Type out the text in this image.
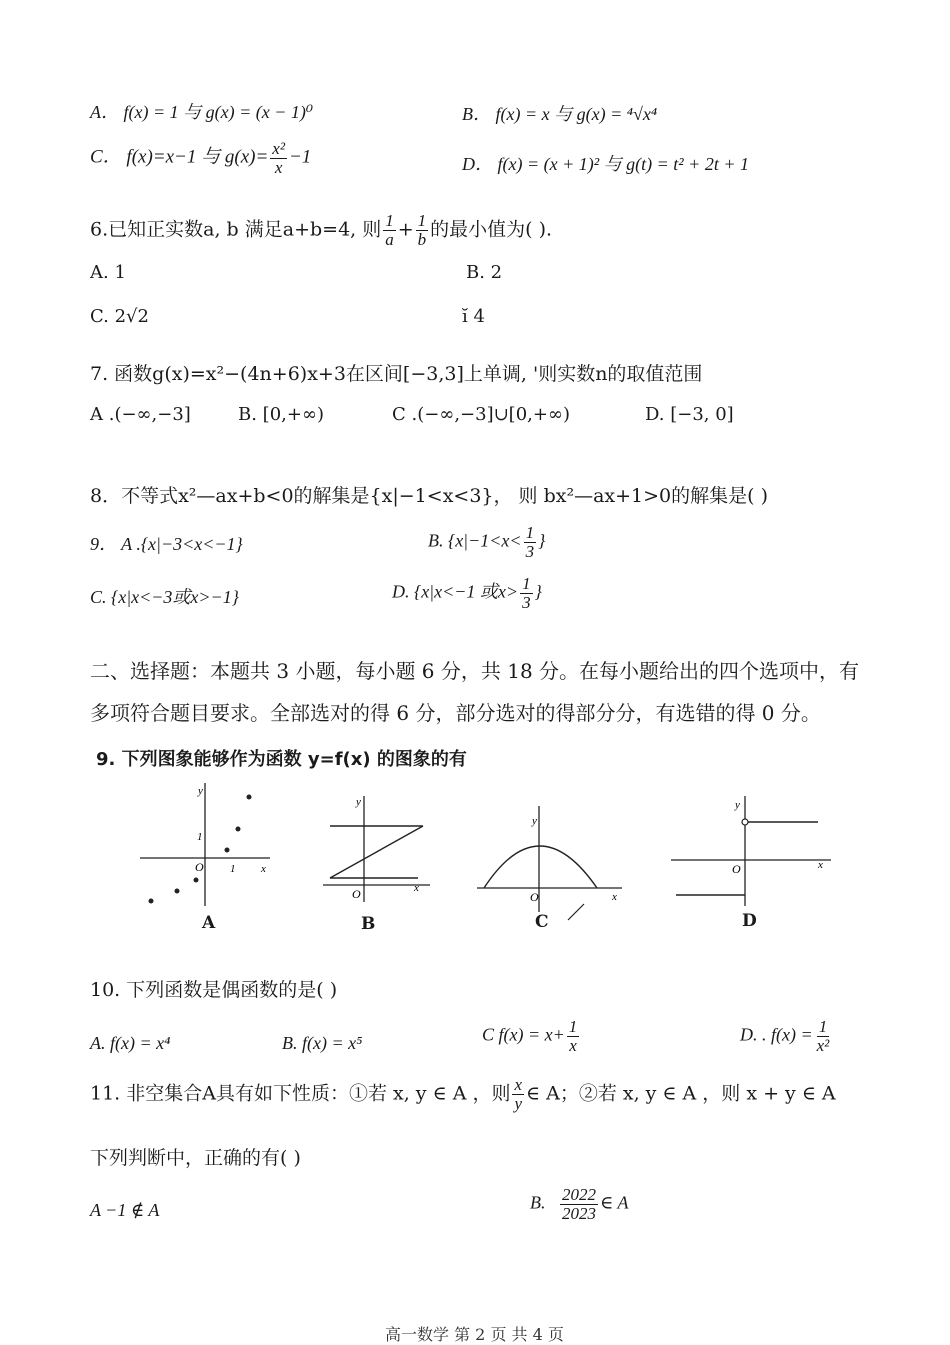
A． f(x) = 1 与 g(x) = (x − 1)⁰	B． f(x) = x 与 g(x) = ⁴√x⁴
C． f(x)=x−1 与 $g(x)= \frac{\text{x²}}{x} -1$	D． f(x) = (x + 1)² 与 g(t) = t² + 2t + 1
6.已知正实数a, b 满足a+b=4, 则 $\frac{1}{a} + \frac{1}{b}$ 的最小值为( ).
A. 1	B. 2
C. 2√2	ĭ 4
7. 函数g(x)=x²−(4n+6)x+3在区间[−3,3]上单调, '则实数n的取值范围
A .(−∞,−3]	B. [0,+∞)	C .(−∞,−3]∪[0,+∞)	D. [−3, 0]
8．不等式x²—ax+b<0的解集是{x|−1<x<3}， 则 bx²—ax+1>0的解集是( )
9． A .{x|−3<x<−1}	B. {$x|-1<x< \frac{1}{3}$ }
C. {x|x<−3或x>−1}	D. {x|x<−1 或$x> \frac{1}{3}$ }
二、选择题：本题共 3 小题，每小题 6 分，共 18 分。在每小题给出的四个选项中，有
多项符合题目要求。全部选对的得 6 分，部分选对的得部分分，有选错的得 0 分。
9. 下列图象能够作为函数 y=f(x) 的图象的有
x
y
O
1
1
A
x
y
O
B
x
y
O
C
x
y
O
D
10. 下列函数是偶函数的是( )
A. f(x) = x⁴	B. f(x) = x⁵	C $f(x) = x+ \frac{1}{x}$	D. . $f(x) = \frac{1}{\text{x²}}$
11. 非空集合A具有如下性质：①若 x, y ∈ A ，则 $\frac{x}{y}$ ∈ A；②若 x, y ∈ A ，则 x + y ∈ A
下列判断中，正确的有( )
A −1 ∉ A	B. $\frac{2022}{2023}$ ∈ A
高一数学 第 2 页 共 4 页
